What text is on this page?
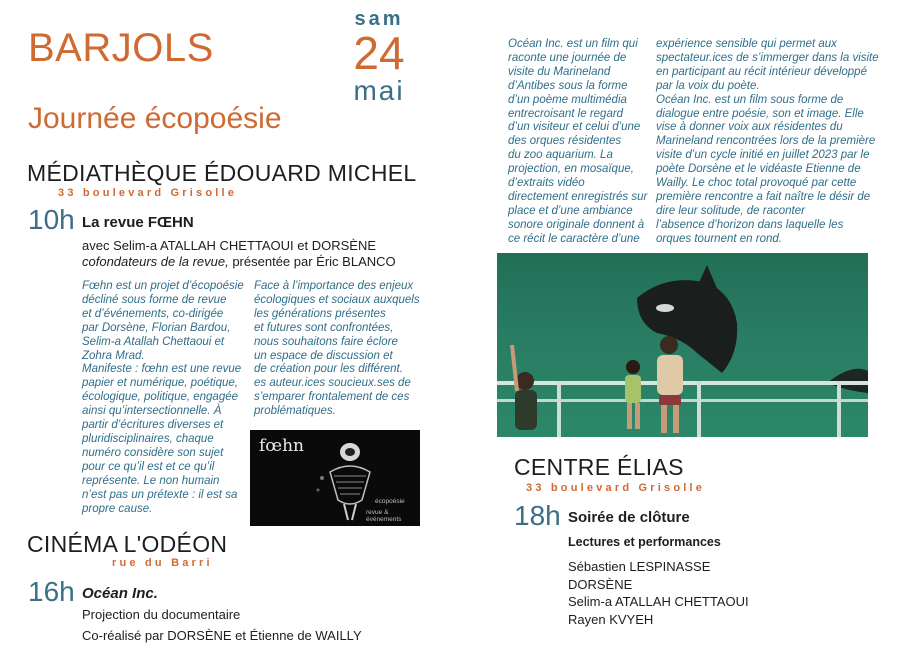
BARJOLS
sam
24
mai
Journée écopoésie
MÉDIATHÈQUE ÉDOUARD MICHEL
33 boulevard Grisolle
10h La revue FŒHN
avec Selim-a ATALLAH CHETTAOUI et DORSÈNE
cofondateurs de la revue, présentée par Éric BLANCO

Fœhn est un projet d’écopoésie

décliné sous forme de revue

et d’événements, co-dirigée

par Dorsène, Florian Bardou,

Selim-a Atallah Chettaoui et

Zohra Mrad.

Manifeste : fœhn est une revue

papier et numérique, poétique,

écologique, politique, engagée

ainsi qu’intersectionnelle. À

partir d’écritures diverses et

pluridisciplinaires, chaque

numéro considère son sujet

pour ce qu’il est et ce qu’il

représente. Le non humain

n’est pas un prétexte : il est sa

propre cause.

Face à l’importance des enjeux

écologiques et sociaux auxquels

les générations présentes

et futures sont confrontées,

nous souhaitons faire éclore

un espace de discussion et

de création pour les différent.

es auteur.ices soucieux.ses de

s’emparer frontalement de ces

problématiques.

fœhn
écopoésie
revue & événements
CINÉMA L'ODÉON
rue du Barri
16h Océan Inc.
Projection du documentaire
Co-réalisé par DORSÈNE et Étienne de WAILLY

Océan Inc. est un film qui

raconte une journée de

visite du Marineland

d’Antibes sous la forme

d’un poème multimédia

entrecroisant le regard

d’un visiteur et celui d’une

des orques résidentes

du zoo aquarium. La

projection, en mosaïque,

d’extraits vidéo

directement enregistrés sur

place et d’une ambiance

sonore originale donnent à

ce récit le caractère d’une

expérience sensible qui permet aux

spectateur.ices de s’immerger dans la visite

en participant au récit intérieur développé

par la voix du poète.

Océan Inc. est un film sous forme de

dialogue entre poésie, son et image. Elle

vise à donner voix aux résidentes du

Marineland rencontrées lors de la première

visite d’un cycle initié en juillet 2023 par le

poète Dorsène et le vidéaste Etienne de

Wailly. Le choc total provoqué par cette

première rencontre a fait naître le désir de

dire leur solitude, de raconter

l’absence d’horizon dans laquelle les

orques tournent en rond.

CENTRE ÉLIAS
33 boulevard Grisolle
18h Soirée de clôture
Lectures et performances
Sébastien LESPINASSE
DORSÈNE
Selim-a ATALLAH CHETTAOUI
Rayen KVYEH
